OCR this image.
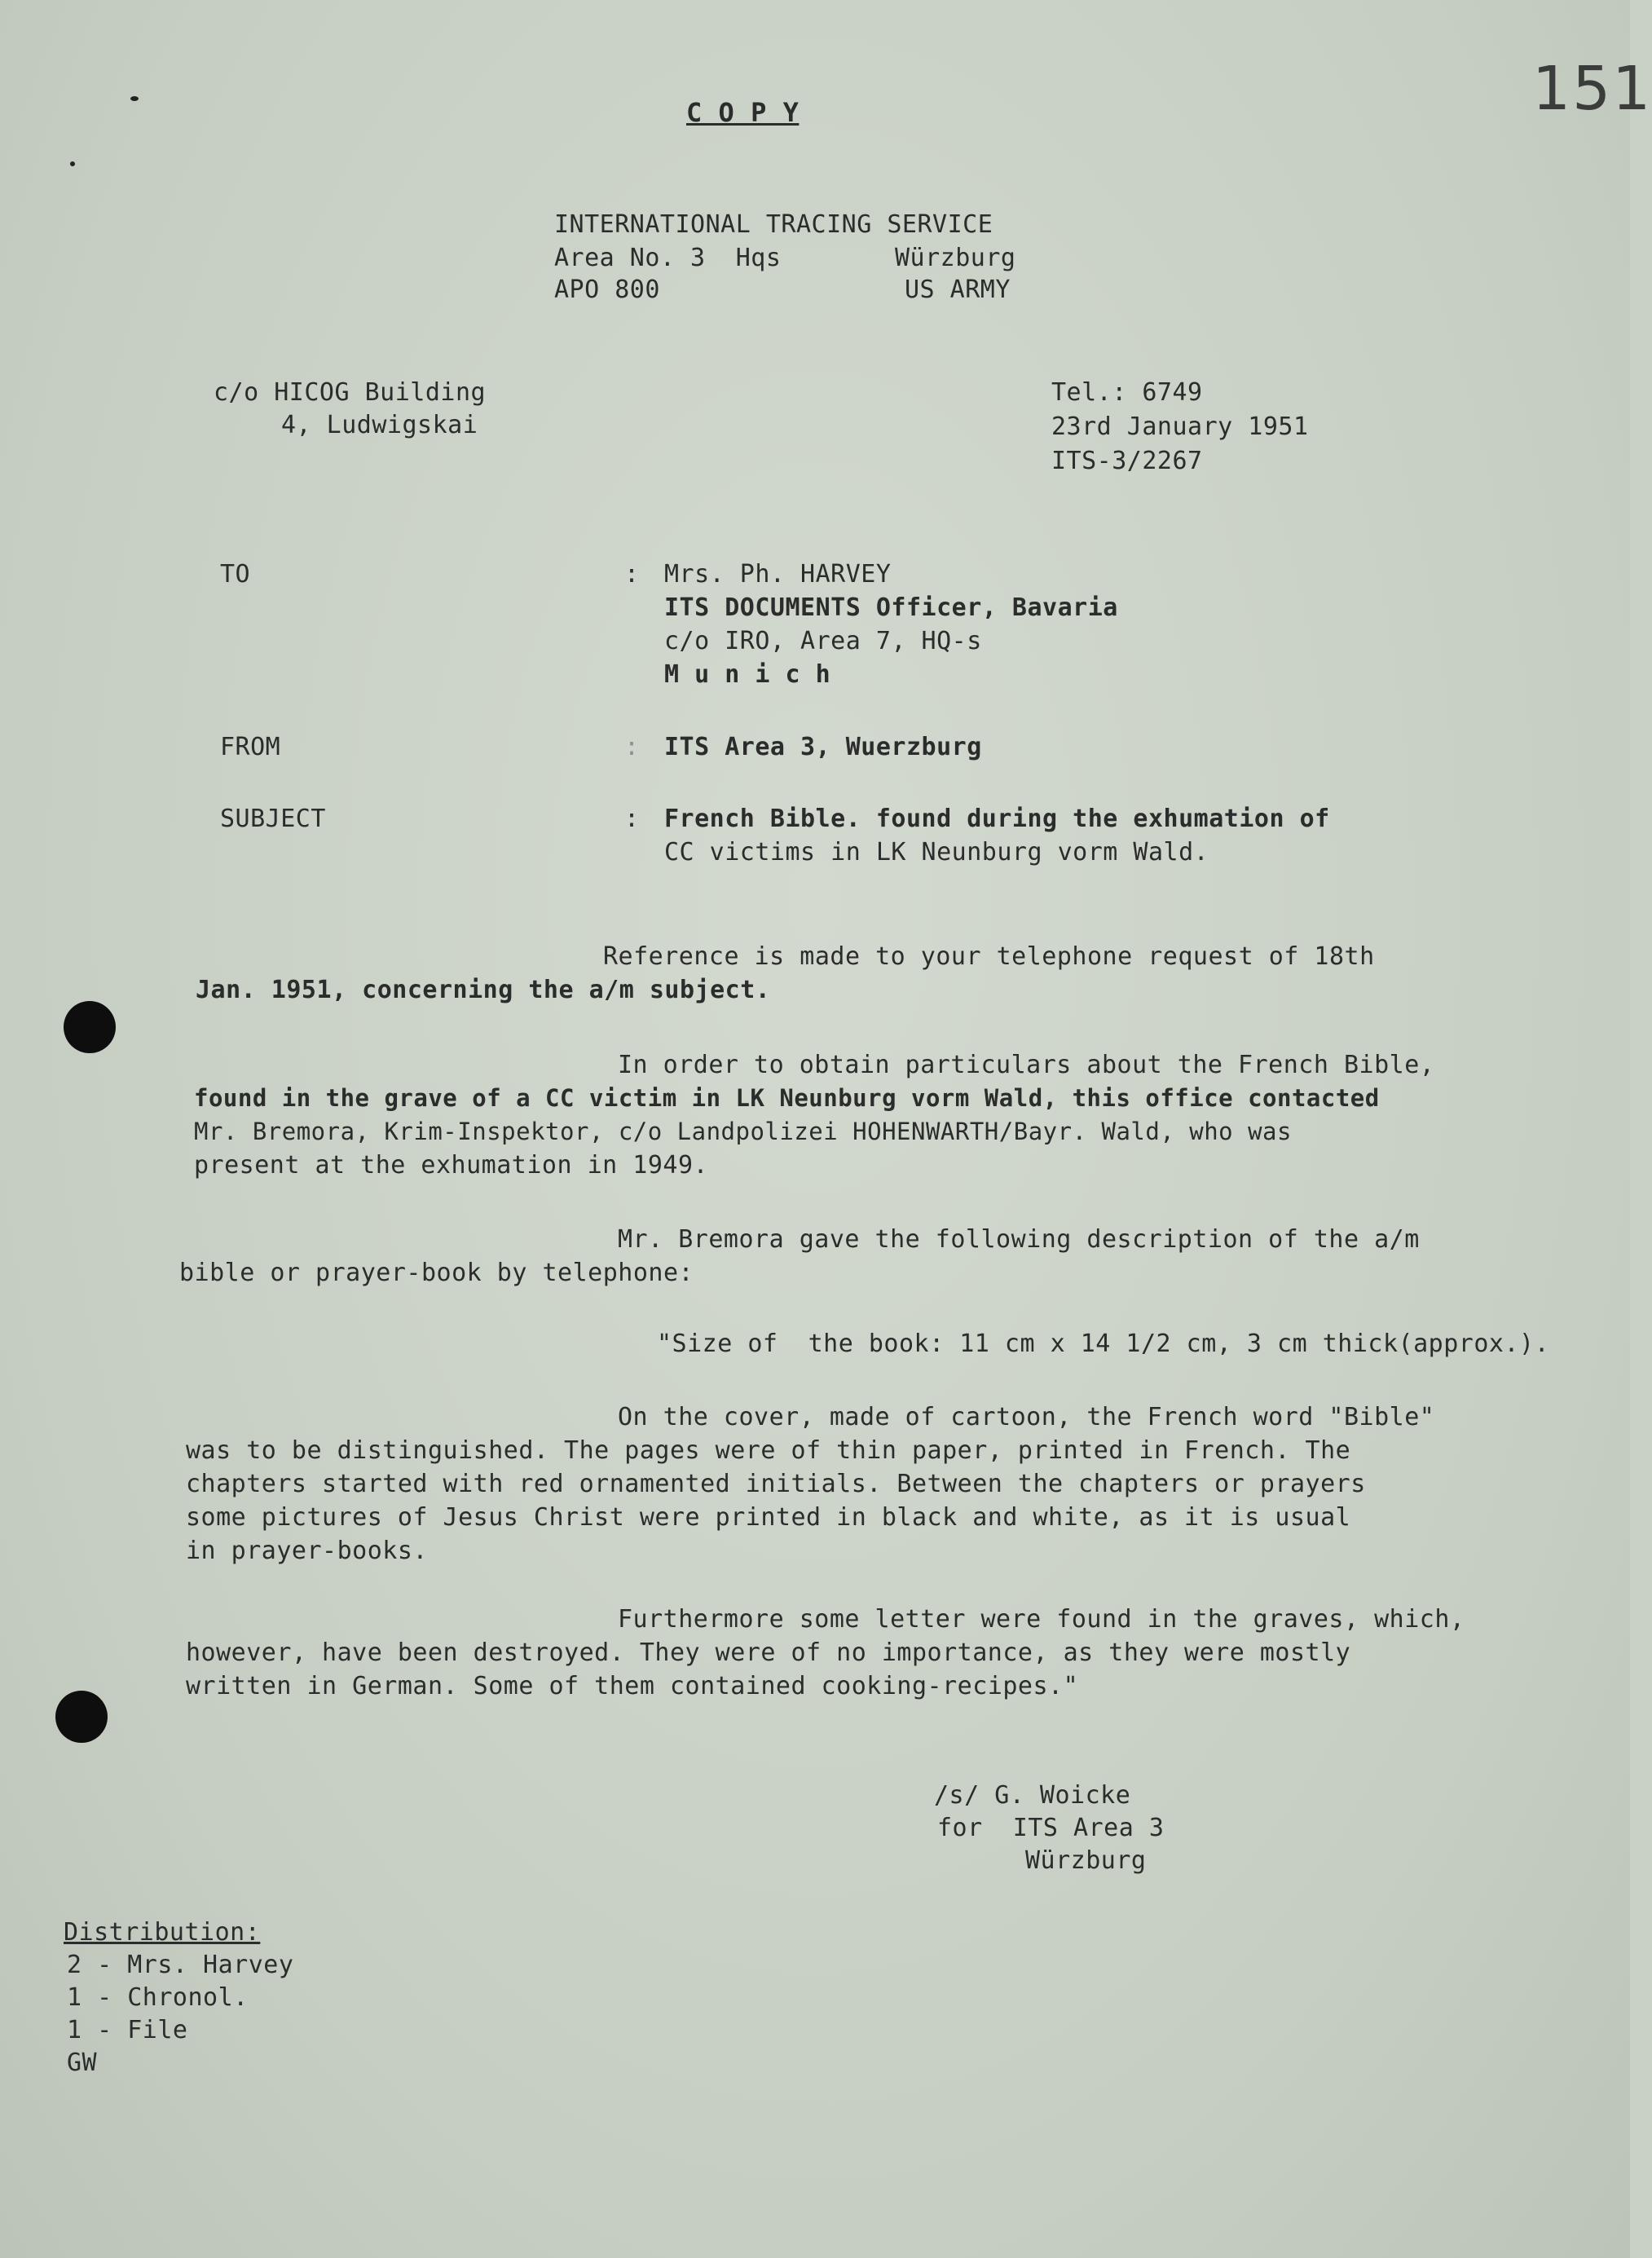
151
C O P Y
INTERNATIONAL TRACING SERVICE
Area No. 3  Hqs	Würzburg
APO 800	US ARMY
c/o HICOG Building
4, Ludwigskai
Tel.: 6749
23rd January 1951
ITS-3/2267
TO	: Mrs. Ph. HARVEY
ITS DOCUMENTS Officer, Bavaria
c/o IRO, Area 7, HQ-s
M u n i c h
FROM	: ITS Area 3, Wuerzburg
SUBJECT	: French Bible. found during the exhumation of
CC victims in LK Neunburg vorm Wald.
Reference is made to your telephone request of 18th
Jan. 1951, concerning the a/m subject.
In order to obtain particulars about the French Bible,
found in the grave of a CC victim in LK Neunburg vorm Wald, this office contacted
Mr. Bremora, Krim-Inspektor, c/o Landpolizei HOHENWARTH/Bayr. Wald, who was
present at the exhumation in 1949.
Mr. Bremora gave the following description of the a/m
bible or prayer-book by telephone:
"Size of  the book: 11 cm x 14 1/2 cm, 3 cm thick(approx.).
On the cover, made of cartoon, the French word "Bible"
was to be distinguished. The pages were of thin paper, printed in French. The
chapters started with red ornamented initials. Between the chapters or prayers
some pictures of Jesus Christ were printed in black and white, as it is usual
in prayer-books.
Furthermore some letter were found in the graves, which,
however, have been destroyed. They were of no importance, as they were mostly
written in German. Some of them contained cooking-recipes."
/s/ G. Woicke
for  ITS Area 3
Würzburg
Distribution:
2 - Mrs. Harvey
1 - Chronol.
1 - File
GW
